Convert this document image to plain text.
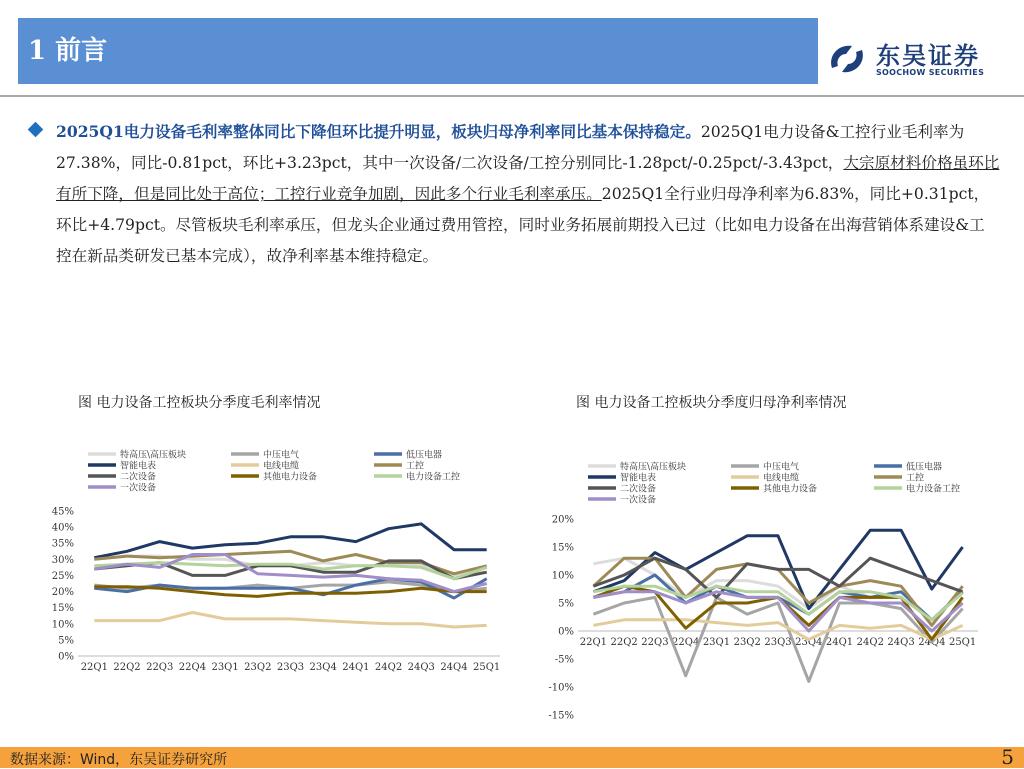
1 前言	东吴证券
SOOCHOW SECURITIES
2025Q1电力设备毛利率整体同比下降但环比提升明显，板块归母净利率同比基本保持稳定。2025Q1电力设备&工控行业毛利率为27.38%，同比-0.81pct，环比+3.23pct，其中一次设备/二次设备/工控分别同比-1.28pct/-0.25pct/-3.43pct，大宗原材料价格虽环比有所下降，但是同比处于高位；工控行业竞争加剧，因此多个行业毛利率承压。2025Q1全行业归母净利率为6.83%，同比+0.31pct，环比+4.79pct。尽管板块毛利率承压，但龙头企业通过费用管控，同时业务拓展前期投入已过（比如电力设备在出海营销体系建设&工控在新品类研发已基本完成），故净利率基本维持稳定。
图 电力设备工控板块分季度毛利率情况	图 电力设备工控板块分季度归母净利率情况
特高压\高压板块	中压电气	低压电器
智能电表	电线电缆	工控
二次设备	其他电力设备	电力设备工控
一次设备
0%
5%
10%
15%
20%
25%
30%
35%
40%
45%
22Q1 22Q2 22Q3 22Q4 23Q1 23Q2 23Q3 23Q4 24Q1 24Q2 24Q3 24Q4 25Q1
特高压\高压板块	中压电气	低压电器
智能电表	电线电缆	工控
二次设备	其他电力设备	电力设备工控
一次设备
-15%
-10%
-5%
0%
5%
10%
15%
20%
22Q1 22Q2 22Q3 22Q4 23Q1 23Q2 23Q3 23Q4 24Q1 24Q2 24Q3 24Q4 25Q1
数据来源：Wind，东吴证券研究所	5
